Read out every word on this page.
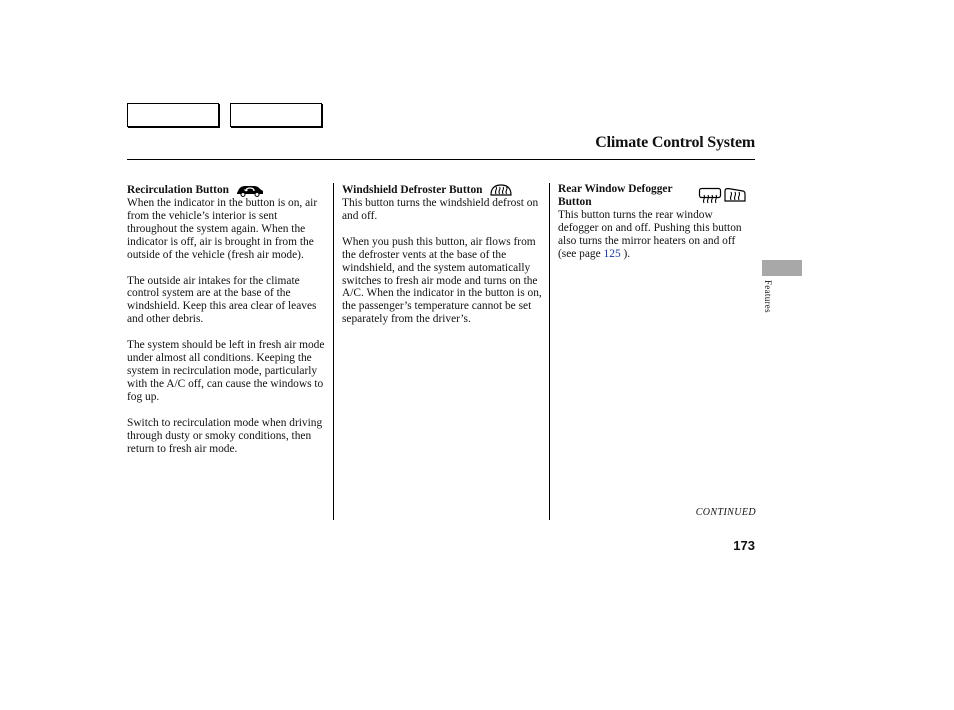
Climate Control System

Recirculation Button

When the indicator in the button is on, air from the vehicle’s interior is sent throughout the system again. When the indicator is off, air is brought in from the outside of the vehicle (fresh air mode).

The outside air intakes for the climate control system are at the base of the windshield. Keep this area clear of leaves and other debris.

The system should be left in fresh air mode under almost all conditions. Keeping the system in recirculation mode, particularly with the A/C off, can cause the windows to fog up.

Switch to recirculation mode when driving through dusty or smoky conditions, then return to fresh air mode.

Windshield Defroster Button

This button turns the windshield defrost on and off.

When you push this button, air flows from the defroster vents at the base of the windshield, and the system automatically switches to fresh air mode and turns on the A/C. When the indicator in the button is on, the passenger’s temperature cannot be set separately from the driver’s.

Rear Window Defogger
Button

This button turns the rear window defogger on and off. Pushing this button also turns the mirror heaters on and off (see page 125 ).

Features
CONTINUED
173
